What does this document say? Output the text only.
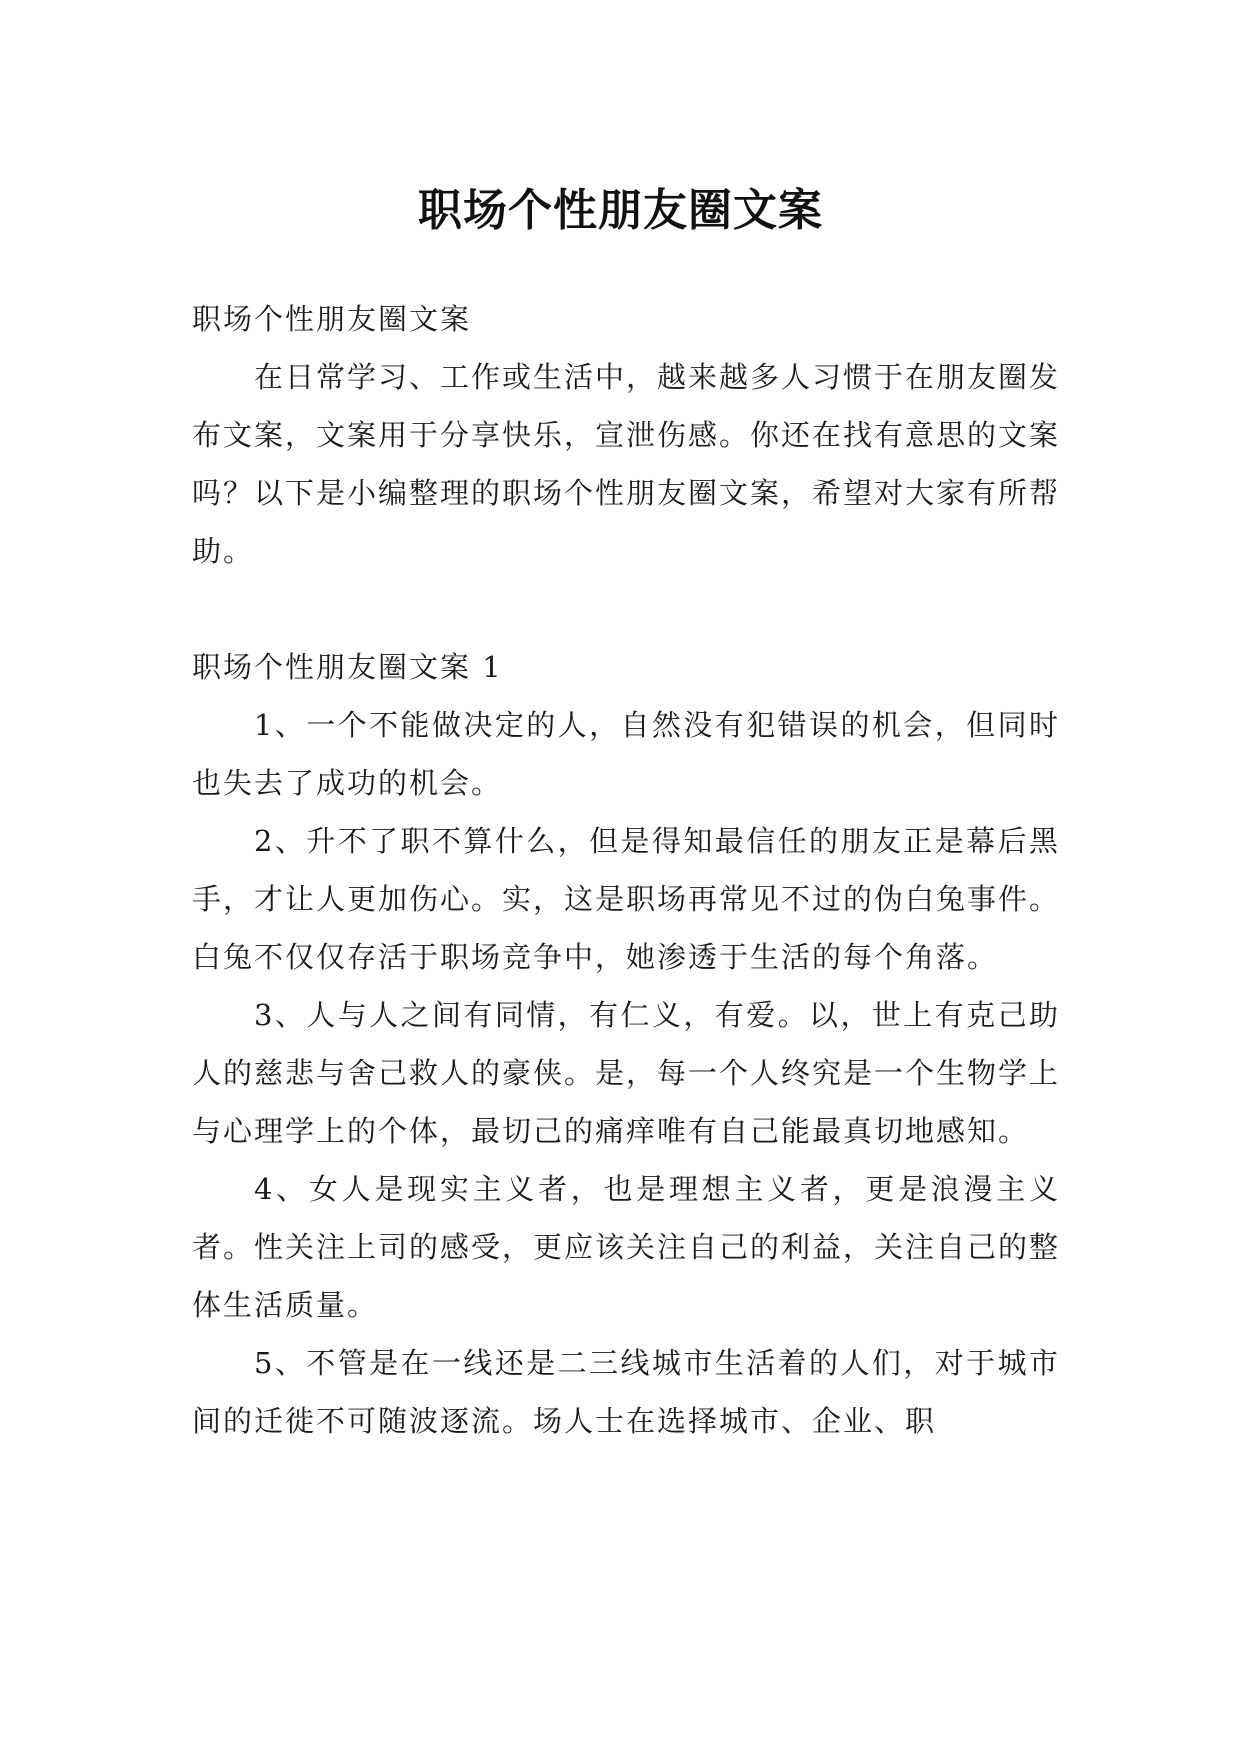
职场个性朋友圈文案

职场个性朋友圈文案

在日常学习、工作或生活中，越来越多人习惯于在朋友圈发布文案，文案用于分享快乐，宣泄伤感。你还在找有意思的文案吗？以下是小编整理的职场个性朋友圈文案，希望对大家有所帮助。

职场个性朋友圈文案 1

1、一个不能做决定的人，自然没有犯错误的机会，但同时也失去了成功的机会。

2、升不了职不算什么，但是得知最信任的朋友正是幕后黑手，才让人更加伤心。实，这是职场再常见不过的伪白兔事件。白兔不仅仅存活于职场竞争中，她渗透于生活的每个角落。

3、人与人之间有同情，有仁义，有爱。以，世上有克己助人的慈悲与舍己救人的豪侠。是，每一个人终究是一个生物学上与心理学上的个体，最切己的痛痒唯有自己能最真切地感知。

4、女人是现实主义者，也是理想主义者，更是浪漫主义者。性关注上司的感受，更应该关注自己的利益，关注自己的整体生活质量。

5、不管是在一线还是二三线城市生活着的人们，对于城市间的迁徙不可随波逐流。场人士在选择城市、企业、职
